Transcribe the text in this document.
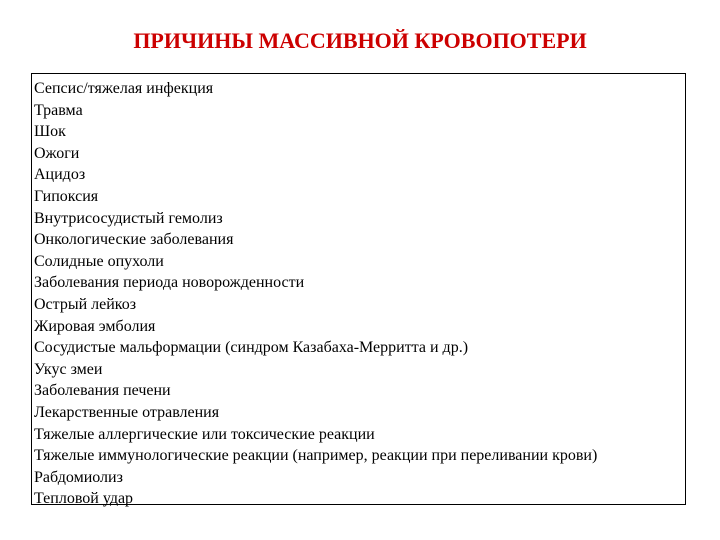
ПРИЧИНЫ МАССИВНОЙ КРОВОПОТЕРИ
Сепсис/тяжелая инфекция
Травма
Шок
Ожоги
Ацидоз
Гипоксия
Внутрисосудистый гемолиз
Онкологические заболевания
Солидные опухоли
Заболевания периода новорожденности
Острый лейкоз
Жировая эмболия
Сосудистые мальформации (синдром Казабаха-Мерритта и др.)
Укус змеи
Заболевания печени
Лекарственные отравления
Тяжелые аллергические или токсические реакции
Тяжелые иммунологические реакции (например, реакции при переливании крови)
Рабдомиолиз
Тепловой удар
